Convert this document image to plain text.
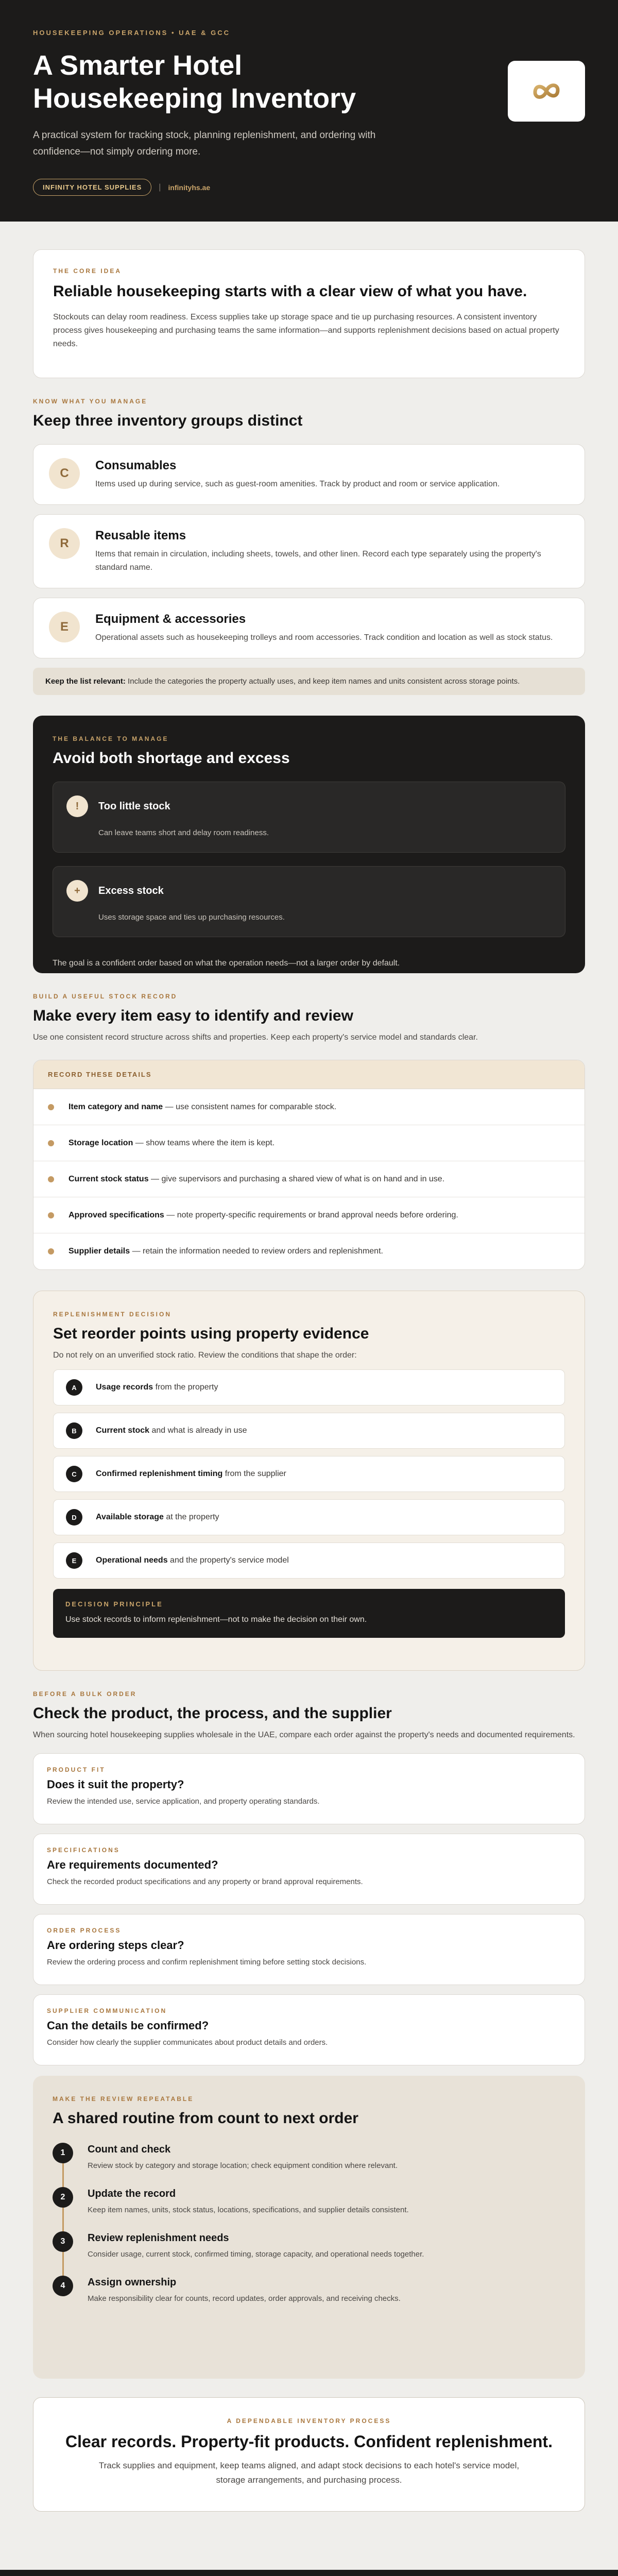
HOUSEKEEPING OPERATIONS • UAE & GCC
A Smarter Hotel Housekeeping Inventory
A practical system for tracking stock, planning replenishment, and ordering with confidence—not simply ordering more.
INFINITY HOTEL SUPPLIES	| infinityhs.ae
THE CORE IDEA
Reliable housekeeping starts with a clear view of what you have.

Stockouts can delay room readiness. Excess supplies take up storage space and tie up purchasing resources. A consistent inventory process gives housekeeping and purchasing teams the same information—and supports replenishment decisions based on actual property needs.

KNOW WHAT YOU MANAGE
Keep three inventory groups distinct
C
Consumables

Items used up during service, such as guest-room amenities. Track by product and room or service application.

R
Reusable items

Items that remain in circulation, including sheets, towels, and other linen. Record each type separately using the property's standard name.

E
Equipment & accessories

Operational assets such as housekeeping trolleys and room accessories. Track condition and location as well as stock status.

Keep the list relevant: Include the categories the property actually uses, and keep item names and units consistent across storage points.
THE BALANCE TO MANAGE
Avoid both shortage and excess
!	Too little stock

Can leave teams short and delay room readiness.

+	Excess stock

Uses storage space and ties up purchasing resources.

The goal is a confident order based on what the operation needs—not a larger order by default.

BUILD A USEFUL STOCK RECORD
Make every item easy to identify and review

Use one consistent record structure across shifts and properties. Keep each property's service model and standards clear.

RECORD THESE DETAILS
Item category and name — use consistent names for comparable stock.
Storage location — show teams where the item is kept.
Current stock status — give supervisors and purchasing a shared view of what is on hand and in use.
Approved specifications — note property-specific requirements or brand approval needs before ordering.
Supplier details — retain the information needed to review orders and replenishment.
REPLENISHMENT DECISION
Set reorder points using property evidence

Do not rely on an unverified stock ratio. Review the conditions that shape the order:

A	Usage records from the property
B	Current stock and what is already in use
C	Confirmed replenishment timing from the supplier
D	Available storage at the property
E	Operational needs and the property's service model
DECISION PRINCIPLE

Use stock records to inform replenishment—not to make the decision on their own.

BEFORE A BULK ORDER
Check the product, the process, and the supplier

When sourcing hotel housekeeping supplies wholesale in the UAE, compare each order against the property's needs and documented requirements.

PRODUCT FIT
Does it suit the property?

Review the intended use, service application, and property operating standards.

SPECIFICATIONS
Are requirements documented?

Check the recorded product specifications and any property or brand approval requirements.

ORDER PROCESS
Are ordering steps clear?

Review the ordering process and confirm replenishment timing before setting stock decisions.

SUPPLIER COMMUNICATION
Can the details be confirmed?

Consider how clearly the supplier communicates about product details and orders.

MAKE THE REVIEW REPEATABLE
A shared routine from count to next order
1	Count and check

Review stock by category and storage location; check equipment condition where relevant.

2	Update the record

Keep item names, units, stock status, locations, specifications, and supplier details consistent.

3	Review replenishment needs

Consider usage, current stock, confirmed timing, storage capacity, and operational needs together.

4	Assign ownership

Make responsibility clear for counts, record updates, order approvals, and receiving checks.

A DEPENDABLE INVENTORY PROCESS
Clear records. Property-fit products. Confident replenishment.

Track supplies and equipment, keep teams aligned, and adapt stock decisions to each hotel's service model, storage arrangements, and purchasing process.
